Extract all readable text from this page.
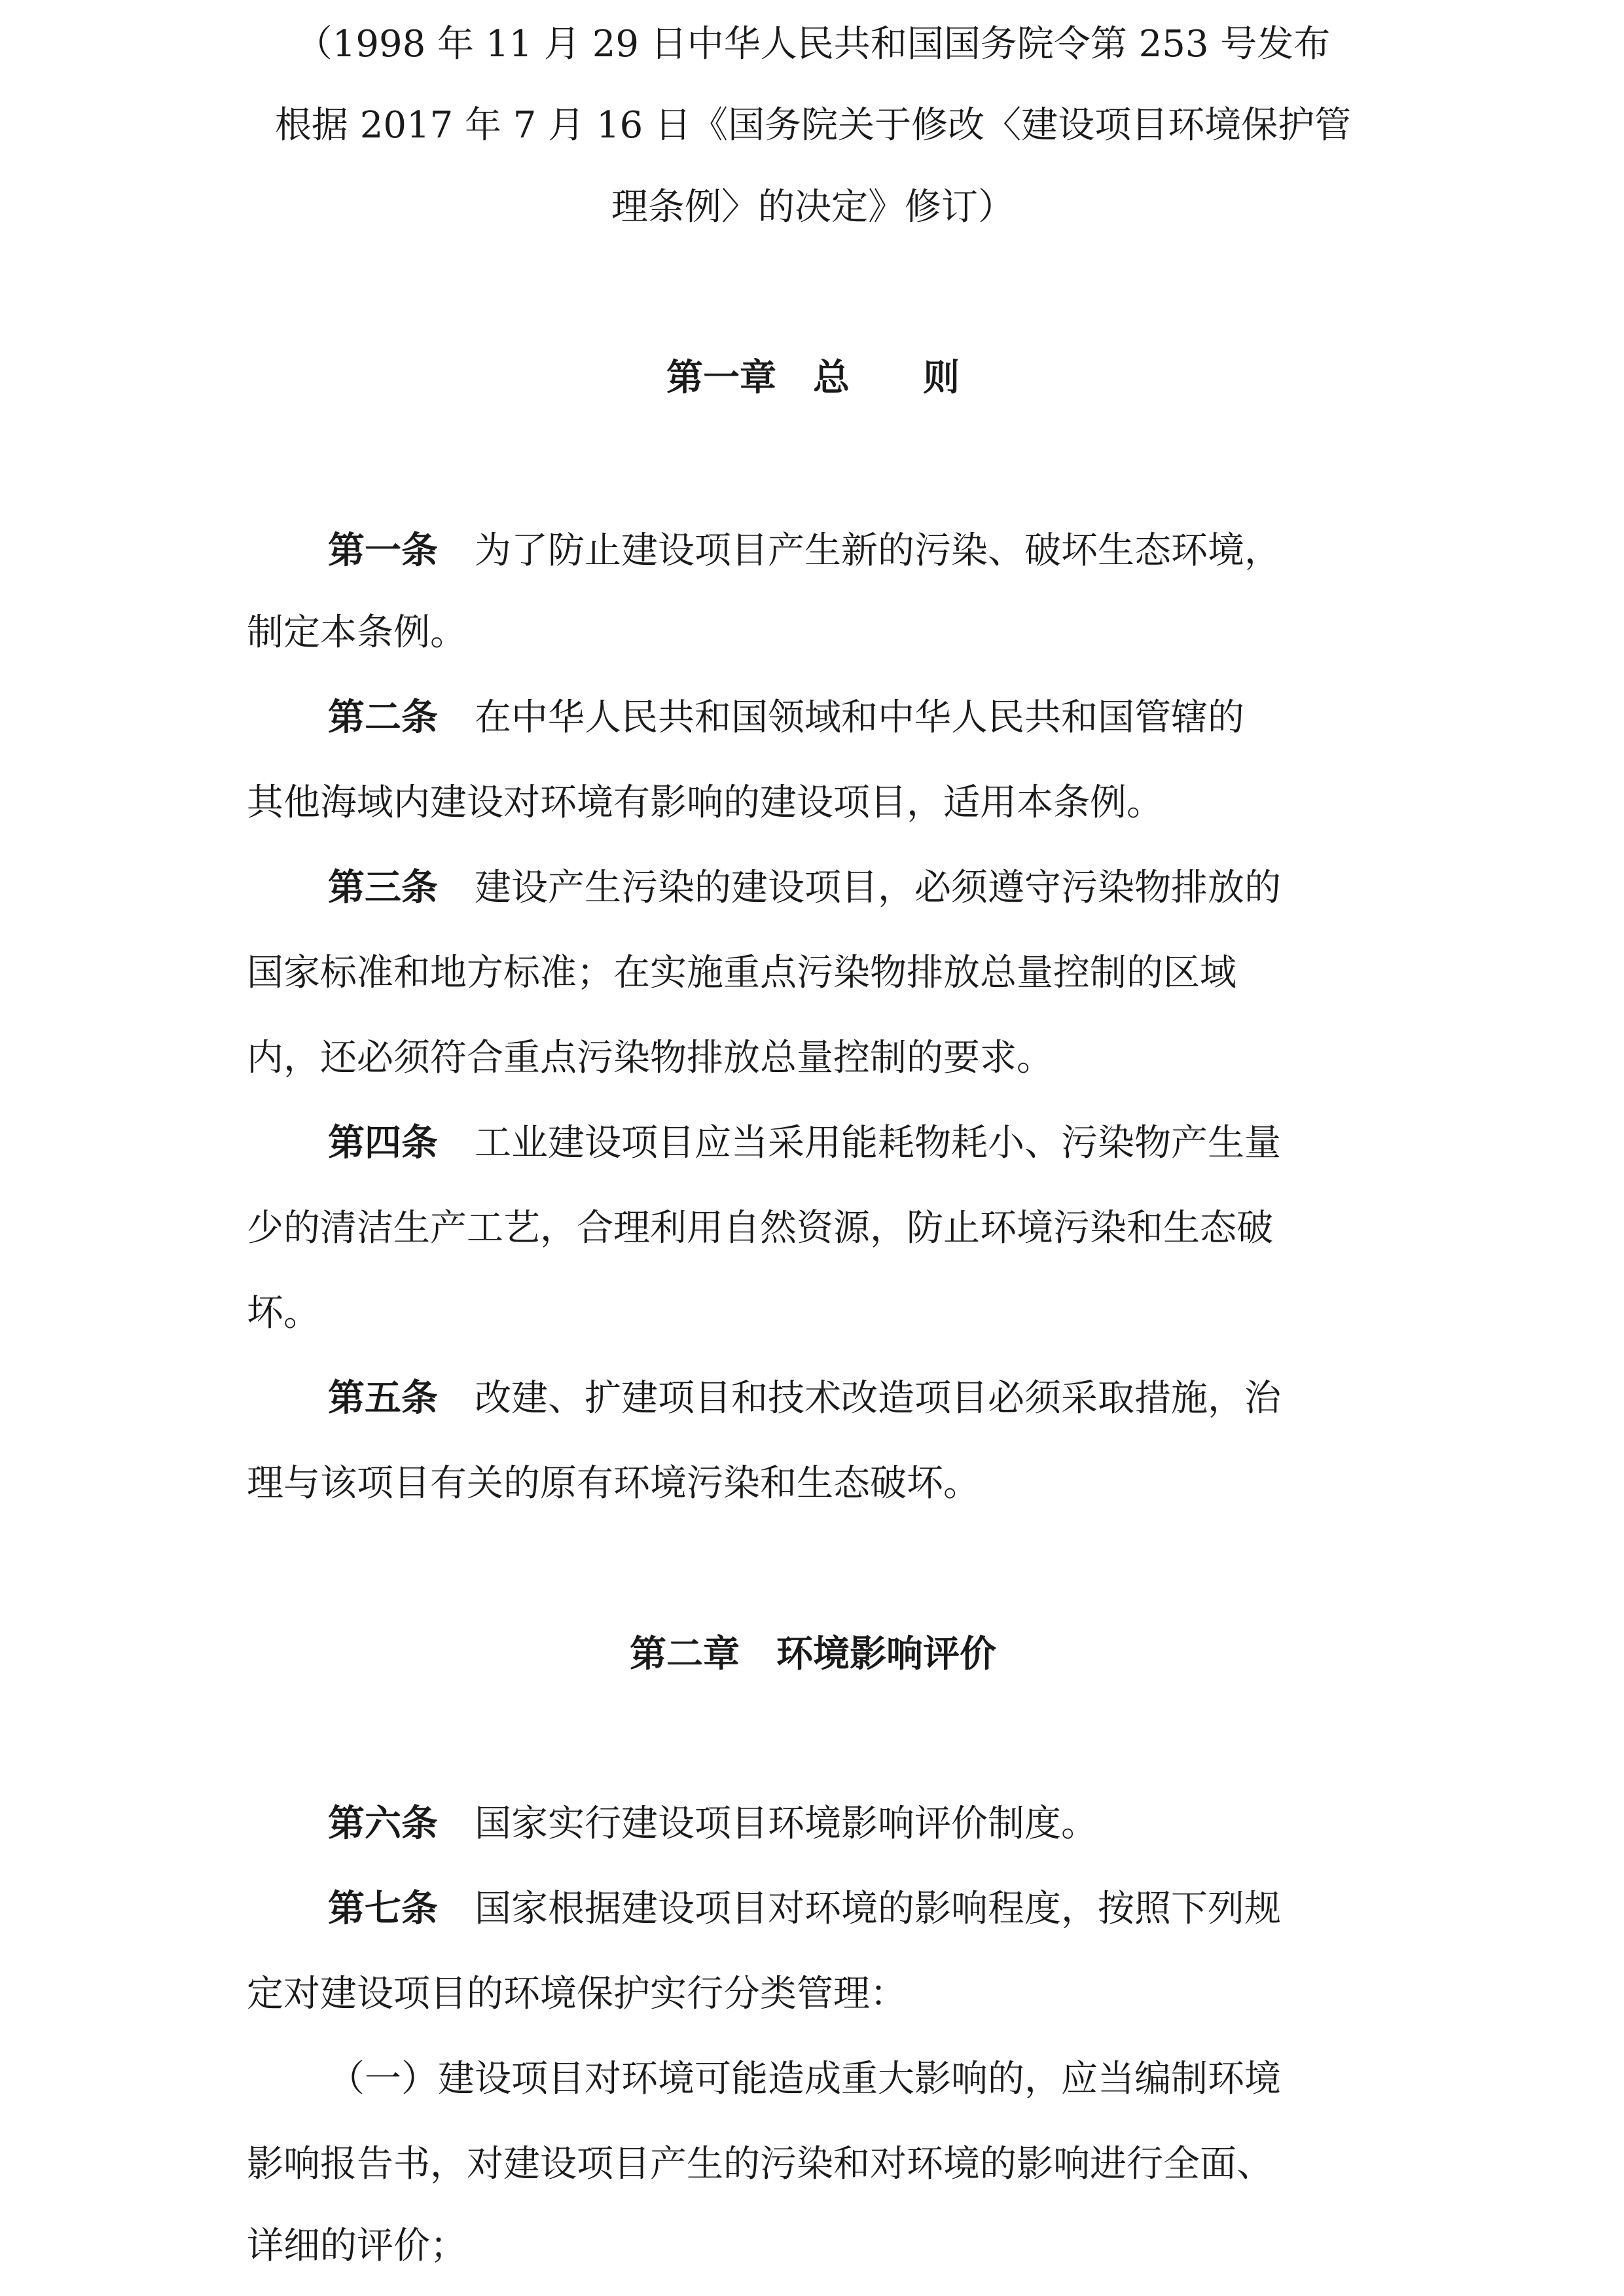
（1998 年 11 月 29 日中华人民共和国国务院令第 253 号发布

根据 2017 年 7 月 16 日《国务院关于修改〈建设项目环境保护管

理条例〉的决定》修订）

第一章　总　　则

第一条　为了防止建设项目产生新的污染、破坏生态环境，

制定本条例。

第二条　在中华人民共和国领域和中华人民共和国管辖的

其他海域内建设对环境有影响的建设项目，适用本条例。

第三条　建设产生污染的建设项目，必须遵守污染物排放的

国家标准和地方标准；在实施重点污染物排放总量控制的区域

内，还必须符合重点污染物排放总量控制的要求。

第四条　工业建设项目应当采用能耗物耗小、污染物产生量

少的清洁生产工艺，合理利用自然资源，防止环境污染和生态破

坏。

第五条　改建、扩建项目和技术改造项目必须采取措施，治

理与该项目有关的原有环境污染和生态破坏。

第二章　环境影响评价

第六条　国家实行建设项目环境影响评价制度。

第七条　国家根据建设项目对环境的影响程度，按照下列规

定对建设项目的环境保护实行分类管理：

（一）建设项目对环境可能造成重大影响的，应当编制环境

影响报告书，对建设项目产生的污染和对环境的影响进行全面、

详细的评价；
